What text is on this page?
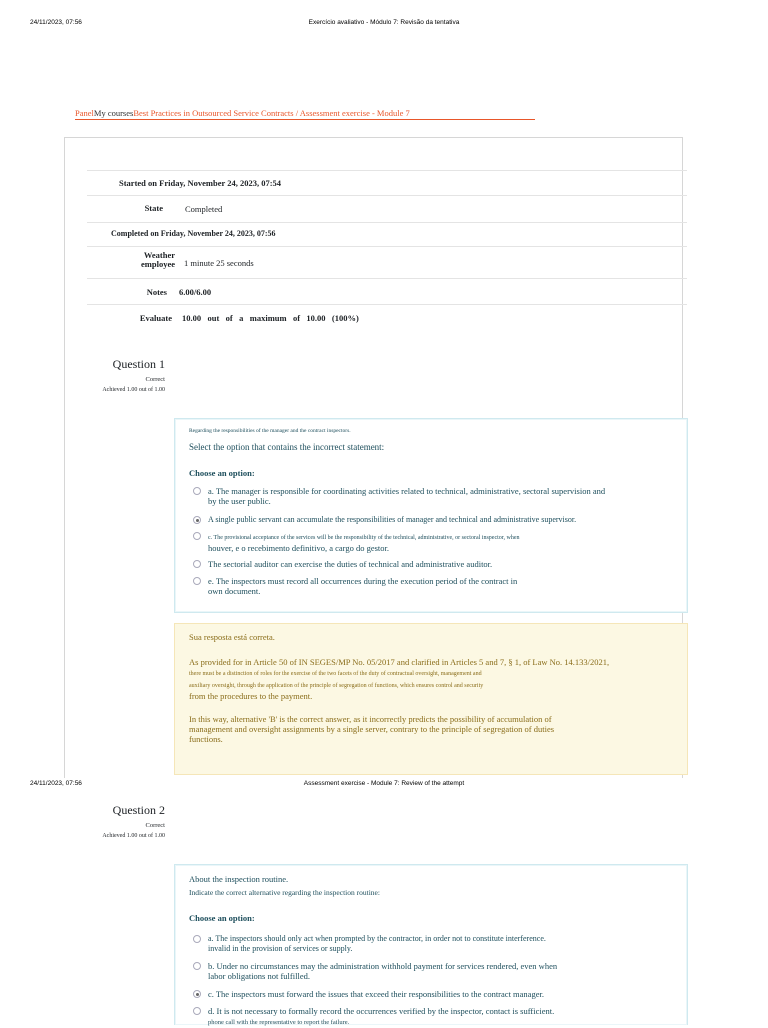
Exercício avaliativo - Módulo 7: Revisão da tentativa
24/11/2023, 07:56
PanelMy coursesBest Practices in Outsourced Service Contracts / Assessment exercise - Module 7
Started on Friday, November 24, 2023, 07:54
State	Completed
Completed on Friday, November 24, 2023, 07:56
Weather
employee 1 minute 25 seconds
Notes 6.00/6.00
Evaluate 10.00   out   of   a   maximum   of   10.00   (100%)
Question 1
Correct
Achieved 1.00 out of 1.00
Regarding the responsibilities of the manager and the contract inspectors.
Select the option that contains the incorrect statement:
Choose an option:
a. The manager is responsible for coordinating activities related to technical, administrative, sectoral supervision and
by the user public.
A single public servant can accumulate the responsibilities of manager and technical and administrative supervisor.
c. The provisional acceptance of the services will be the responsibility of the technical, administrative, or sectoral inspector, when
houver, e o recebimento definitivo, a cargo do gestor.
The sectorial auditor can exercise the duties of technical and administrative auditor.
e. The inspectors must record all occurrences during the execution period of the contract in
own document.

Sua resposta está correta.

As provided for in Article 50 of IN SEGES/MP No. 05/2017 and clarified in Articles 5 and 7, § 1, of Law No. 14.133/2021,
there must be a distinction of roles for the exercise of the two facets of the duty of contractual oversight, management and
auxiliary oversight, through the application of the principle of segregation of functions, which ensures control and security
from the procedures to the payment.

In this way, alternative 'B' is the correct answer, as it incorrectly predicts the possibility of accumulation of
management and oversight assignments by a single server, contrary to the principle of segregation of duties
functions.

Assessment exercise - Module 7: Review of the attempt
24/11/2023, 07:56
Question 2
Correct
Achieved 1.00 out of 1.00
About the inspection routine.
Indicate the correct alternative regarding the inspection routine:
Choose an option:
a. The inspectors should only act when prompted by the contractor, in order not to constitute interference.
invalid in the provision of services or supply.
b. Under no circumstances may the administration withhold payment for services rendered, even when
labor obligations not fulfilled.
c. The inspectors must forward the issues that exceed their responsibilities to the contract manager.
d. It is not necessary to formally record the occurrences verified by the inspector, contact is sufficient.
phone call with the representative to report the failure.
